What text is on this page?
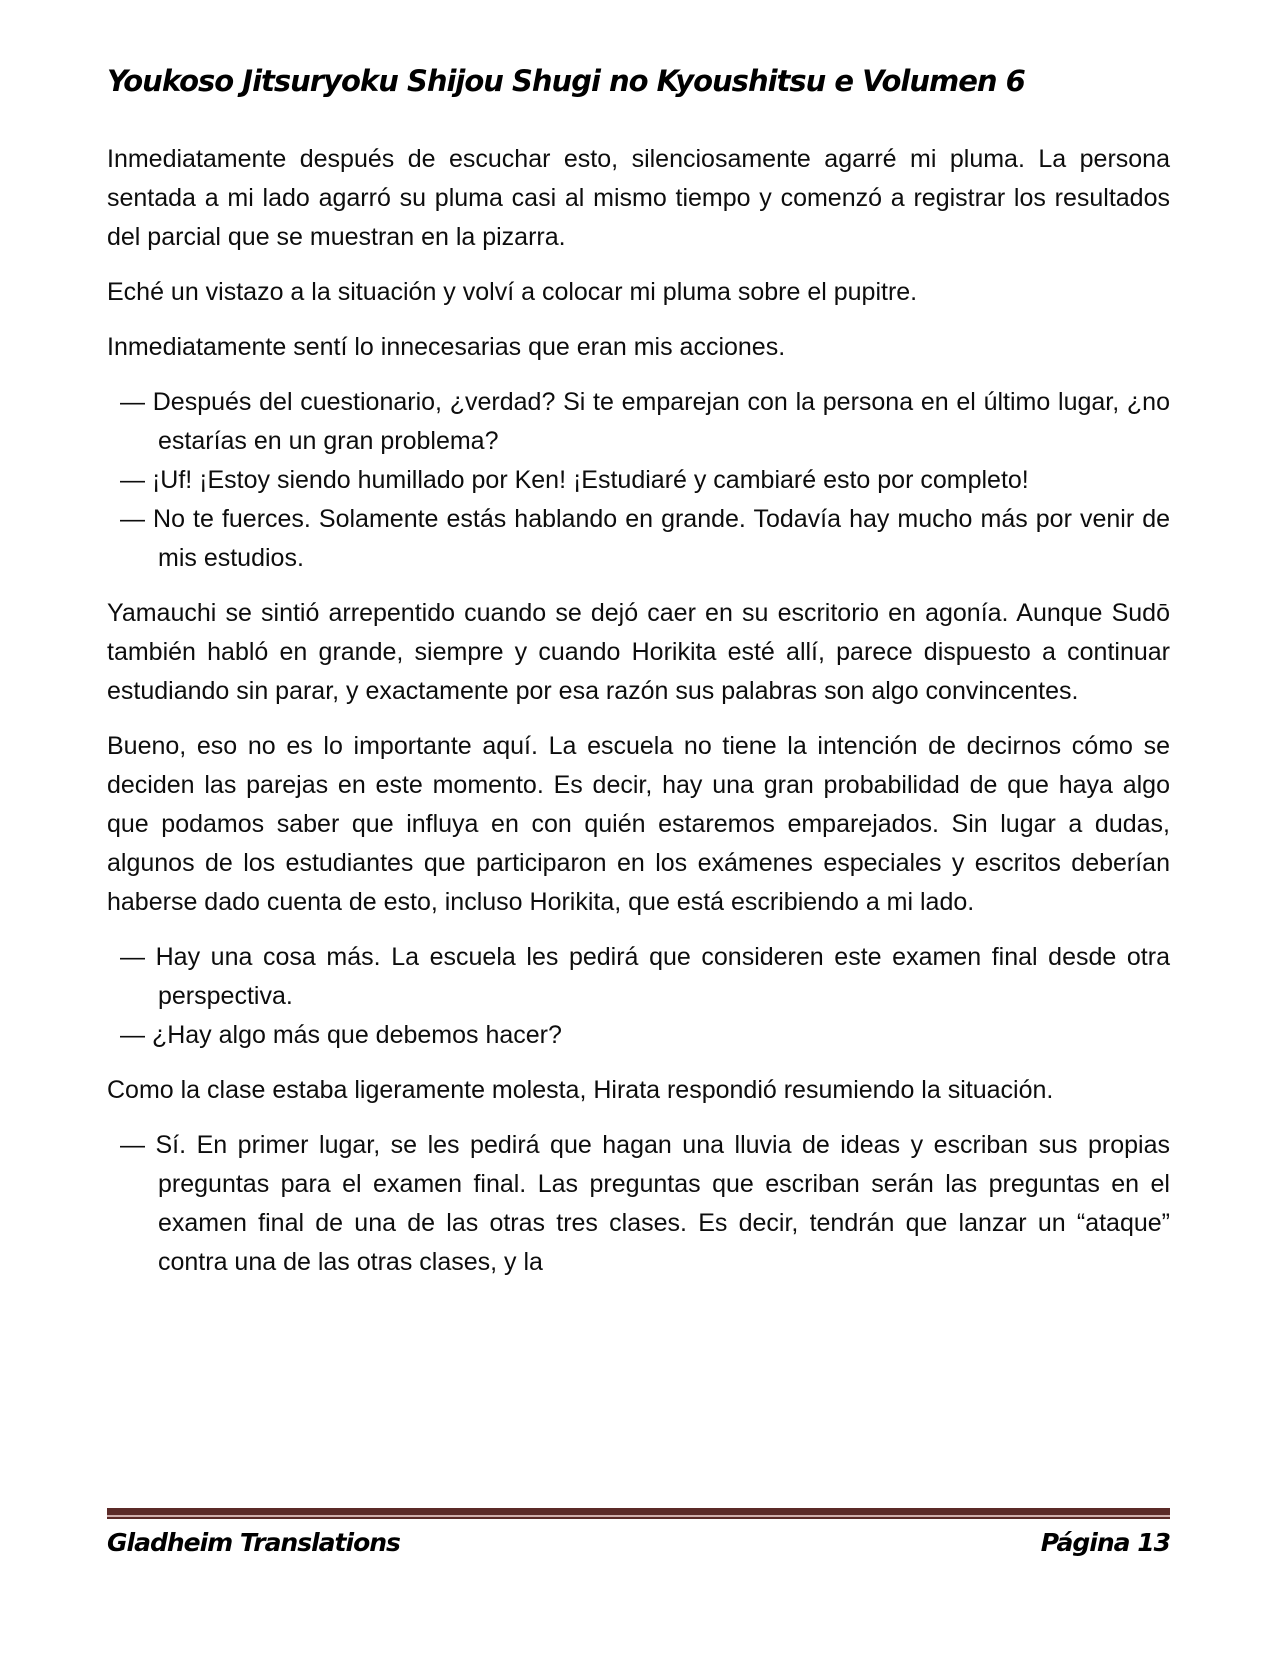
Youkoso Jitsuryoku Shijou Shugi no Kyoushitsu e Volumen 6

Inmediatamente después de escuchar esto, silenciosamente agarré mi pluma. La persona sentada a mi lado agarró su pluma casi al mismo tiempo y comenzó a registrar los resultados del parcial que se muestran en la pizarra.

Eché un vistazo a la situación y volví a colocar mi pluma sobre el pupitre.

Inmediatamente sentí lo innecesarias que eran mis acciones.

— Después del cuestionario, ¿verdad? Si te emparejan con la persona en el último lugar, ¿no estarías en un gran problema?

— ¡Uf! ¡Estoy siendo humillado por Ken! ¡Estudiaré y cambiaré esto por completo!

— No te fuerces. Solamente estás hablando en grande. Todavía hay mucho más por venir de mis estudios.

Yamauchi se sintió arrepentido cuando se dejó caer en su escritorio en agonía. Aunque Sudō también habló en grande, siempre y cuando Horikita esté allí, parece dispuesto a continuar estudiando sin parar, y exactamente por esa razón sus palabras son algo convincentes.

Bueno, eso no es lo importante aquí. La escuela no tiene la intención de decirnos cómo se deciden las parejas en este momento. Es decir, hay una gran probabilidad de que haya algo que podamos saber que influya en con quién estaremos emparejados. Sin lugar a dudas, algunos de los estudiantes que participaron en los exámenes especiales y escritos deberían haberse dado cuenta de esto, incluso Horikita, que está escribiendo a mi lado.

— Hay una cosa más. La escuela les pedirá que consideren este examen final desde otra perspectiva.

— ¿Hay algo más que debemos hacer?

Como la clase estaba ligeramente molesta, Hirata respondió resumiendo la situación.

— Sí. En primer lugar, se les pedirá que hagan una lluvia de ideas y escriban sus propias preguntas para el examen final. Las preguntas que escriban serán las preguntas en el examen final de una de las otras tres clases. Es decir, tendrán que lanzar un “ataque” contra una de las otras clases, y la

Gladheim Translations	Página 13
